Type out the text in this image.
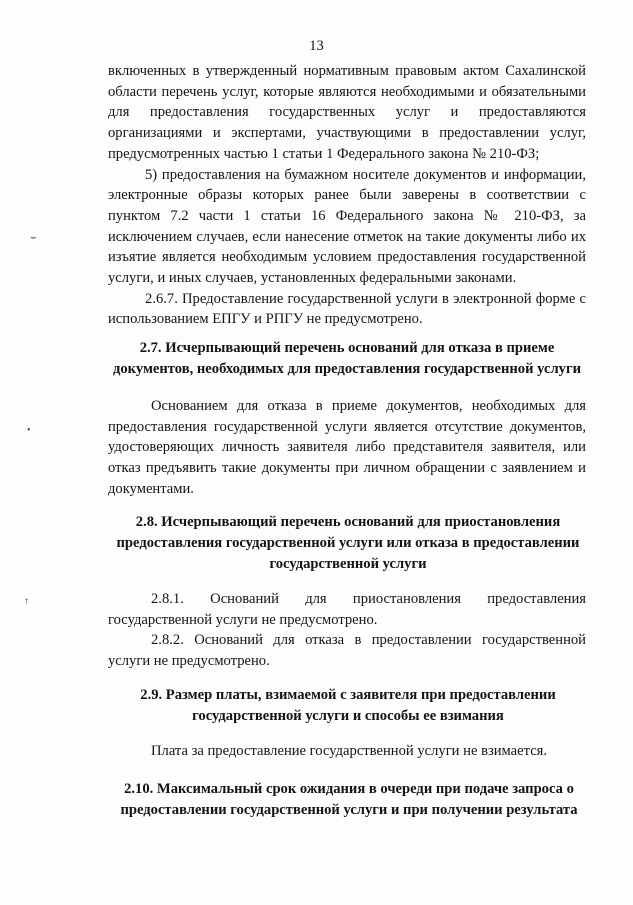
13

включенных в утвержденный нормативным правовым актом Сахалинской области перечень услуг, которые являются необходимыми и обязательными для предоставления государственных услуг и предоставляются организациями и экспертами, участвующими в предоставлении услуг, предусмотренных частью 1 статьи 1 Федерального закона № 210-ФЗ;

5) предоставления на бумажном носителе документов и информации, электронные образы которых ранее были заверены в соответствии с пунктом 7.2 части 1 статьи 16 Федерального закона № 210-ФЗ, за исключением случаев, если нанесение отметок на такие документы либо их изъятие является необходимым условием предоставления государственной услуги, и иных случаев, установленных федеральными законами.

2.6.7. Предоставление государственной услуги в электронной форме с использованием ЕПГУ и РПГУ не предусмотрено.

2.7. Исчерпывающий перечень оснований для отказа в приеме документов, необходимых для предоставления государственной услуги

Основанием для отказа в приеме документов, необходимых для предоставления государственной услуги является отсутствие документов, удостоверяющих личность заявителя либо представителя заявителя, или отказ предъявить такие документы при личном обращении с заявлением и документами.

2.8. Исчерпывающий перечень оснований для приостановления предоставления государственной услуги или отказа в предоставлении государственной услуги

2.8.1. Оснований для приостановления предоставления государственной услуги не предусмотрено.

2.8.2. Оснований для отказа в предоставлении государственной услуги не предусмотрено.

2.9. Размер платы, взимаемой с заявителя при предоставлении государственной услуги и способы ее взимания

Плата за предоставление государственной услуги не взимается.

2.10. Максимальный срок ожидания в очереди при подаче запроса о предоставлении государственной услуги и при получении результата
⌣
•
↑
